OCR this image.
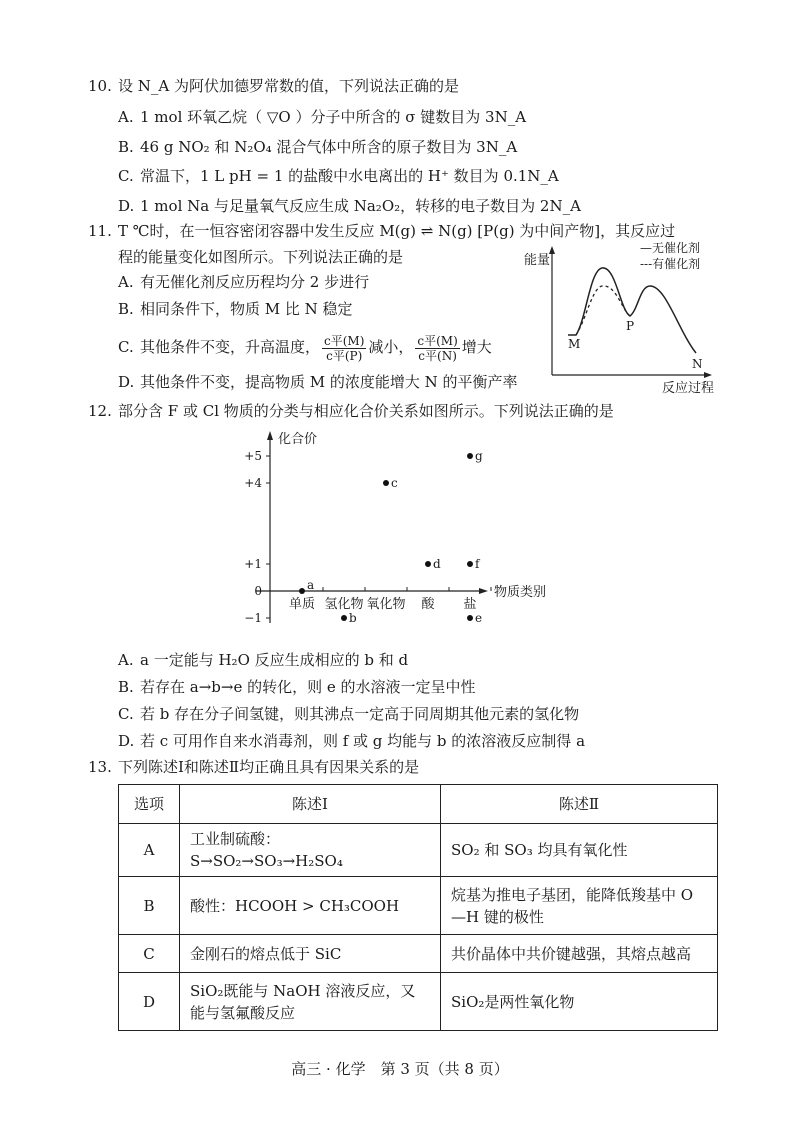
10. 设 N_A 为阿伏加德罗常数的值，下列说法正确的是
A. 1 mol 环氧乙烷（ ▽O ）分子中所含的 σ 键数目为 3N_A
B. 46 g NO₂ 和 N₂O₄ 混合气体中所含的原子数目为 3N_A
C. 常温下，1 L pH = 1 的盐酸中水电离出的 H⁺ 数目为 0.1N_A
D. 1 mol Na 与足量氧气反应生成 Na₂O₂，转移的电子数目为 2N_A
11. T ℃时，在一恒容密闭容器中发生反应 M(g) ⇌ N(g) [P(g) 为中间产物]，其反应过
程的能量变化如图所示。下列说法正确的是
A. 有无催化剂反应历程均分 2 步进行
B. 相同条件下，物质 M 比 N 稳定
C. 其他条件不变，升高温度， $\frac{\text{c平(M)}}{\text{c平(P)}}$ 减小， $\frac{\text{c平(M)}}{\text{c平(N)}}$ 增大
D. 其他条件不变，提高物质 M 的浓度能增大 N 的平衡产率
能量
反应过程
—无催化剂
---有催化剂
M
P
N
12. 部分含 F 或 Cl 物质的分类与相应化合价关系如图所示。下列说法正确的是
化合价
物质类别
−1
0
+1
+4
+5
单质 氢化物 氧化物 酸 盐
a
b
c
d
e
f
g
A. a 一定能与 H₂O 反应生成相应的 b 和 d
B. 若存在 a→b→e 的转化，则 e 的水溶液一定呈中性
C. 若 b 存在分子间氢键，则其沸点一定高于同周期其他元素的氢化物
D. 若 c 可用作自来水消毒剂，则 f 或 g 均能与 b 的浓溶液反应制得 a
13. 下列陈述Ⅰ和陈述Ⅱ均正确且具有因果关系的是
选项	陈述Ⅰ	陈述Ⅱ
A	工业制硫酸：S→SO₂→SO₃→H₂SO₄	SO₂ 和 SO₃ 均具有氧化性
B	酸性：HCOOH > CH₃COOH	烷基为推电子基团，能降低羧基中 O—H 键的极性
C	金刚石的熔点低于 SiC	共价晶体中共价键越强，其熔点越高
D	SiO₂既能与 NaOH 溶液反应，又能与氢氟酸反应	SiO₂是两性氧化物
高三 · 化学　第 3 页（共 8 页）
